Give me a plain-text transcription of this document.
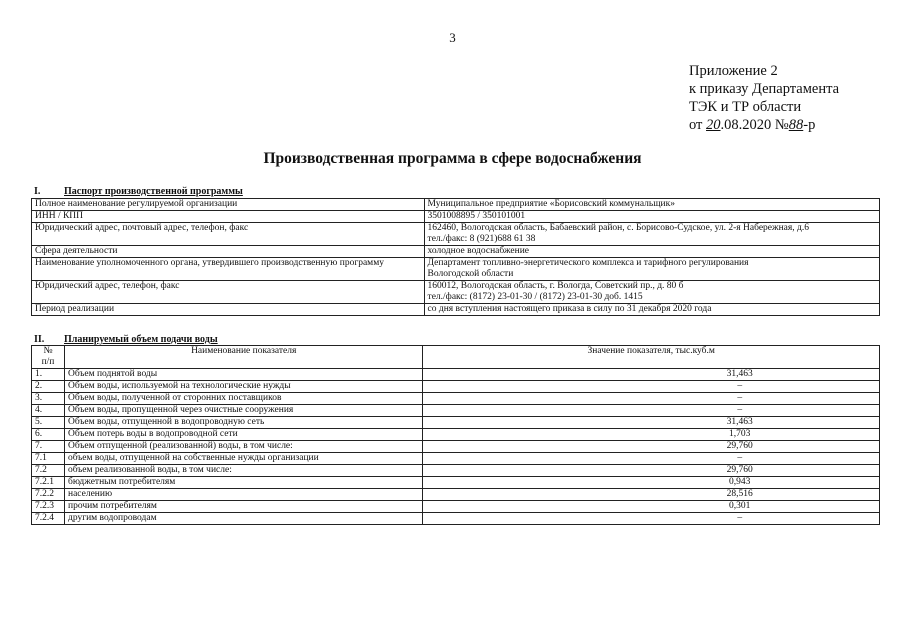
3
Приложение 2
к приказу Департамента
ТЭК и ТР области
от 20.08.2020 №88-р
Производственная программа в сфере водоснабжения
I. Паспорт производственной программы
Полное наименование регулируемой организации	Муниципальное предприятие «Борисовский коммунальщик»
ИНН / КПП	3501008895 / 350101001
Юридический адрес, почтовый адрес, телефон, факс	162460, Вологодская область, Бабаевский район, с. Борисово-Судское, ул. 2-я Набережная, д.6
тел./факс: 8 (921)688 61 38
Сфера деятельности	холодное водоснабжение
Наименование уполномоченного органа, утвердившего производственную программу	Департамент топливно-энергетического комплекса и тарифного регулирования
Вологодской области
Юридический адрес, телефон, факс	160012, Вологодская область, г. Вологда, Советский пр., д. 80 б
тел./факс: (8172) 23-01-30 / (8172) 23-01-30 доб. 1415
Период реализации	со дня вступления настоящего приказа в силу по 31 декабря 2020 года
II. Планируемый объем подачи воды
№
п/п	Наименование показателя	Значение показателя, тыс.куб.м
1.	Объем поднятой воды	31,463
2.	Объем воды, используемой на технологические нужды	–
3.	Объем воды, полученной от сторонних поставщиков	–
4.	Объем воды, пропущенной через очистные сооружения	–
5.	Объем воды, отпущенной в водопроводную сеть	31,463
6.	Объем потерь воды в водопроводной сети	1,703
7.	Объем отпущенной (реализованной) воды, в том числе:	29,760
7.1	объем воды, отпущенной на собственные нужды организации	–
7.2	объем реализованной воды, в том числе:	29,760
7.2.1	бюджетным потребителям	0,943
7.2.2	населению	28,516
7.2.3	прочим потребителям	0,301
7.2.4	другим водопроводам	–
